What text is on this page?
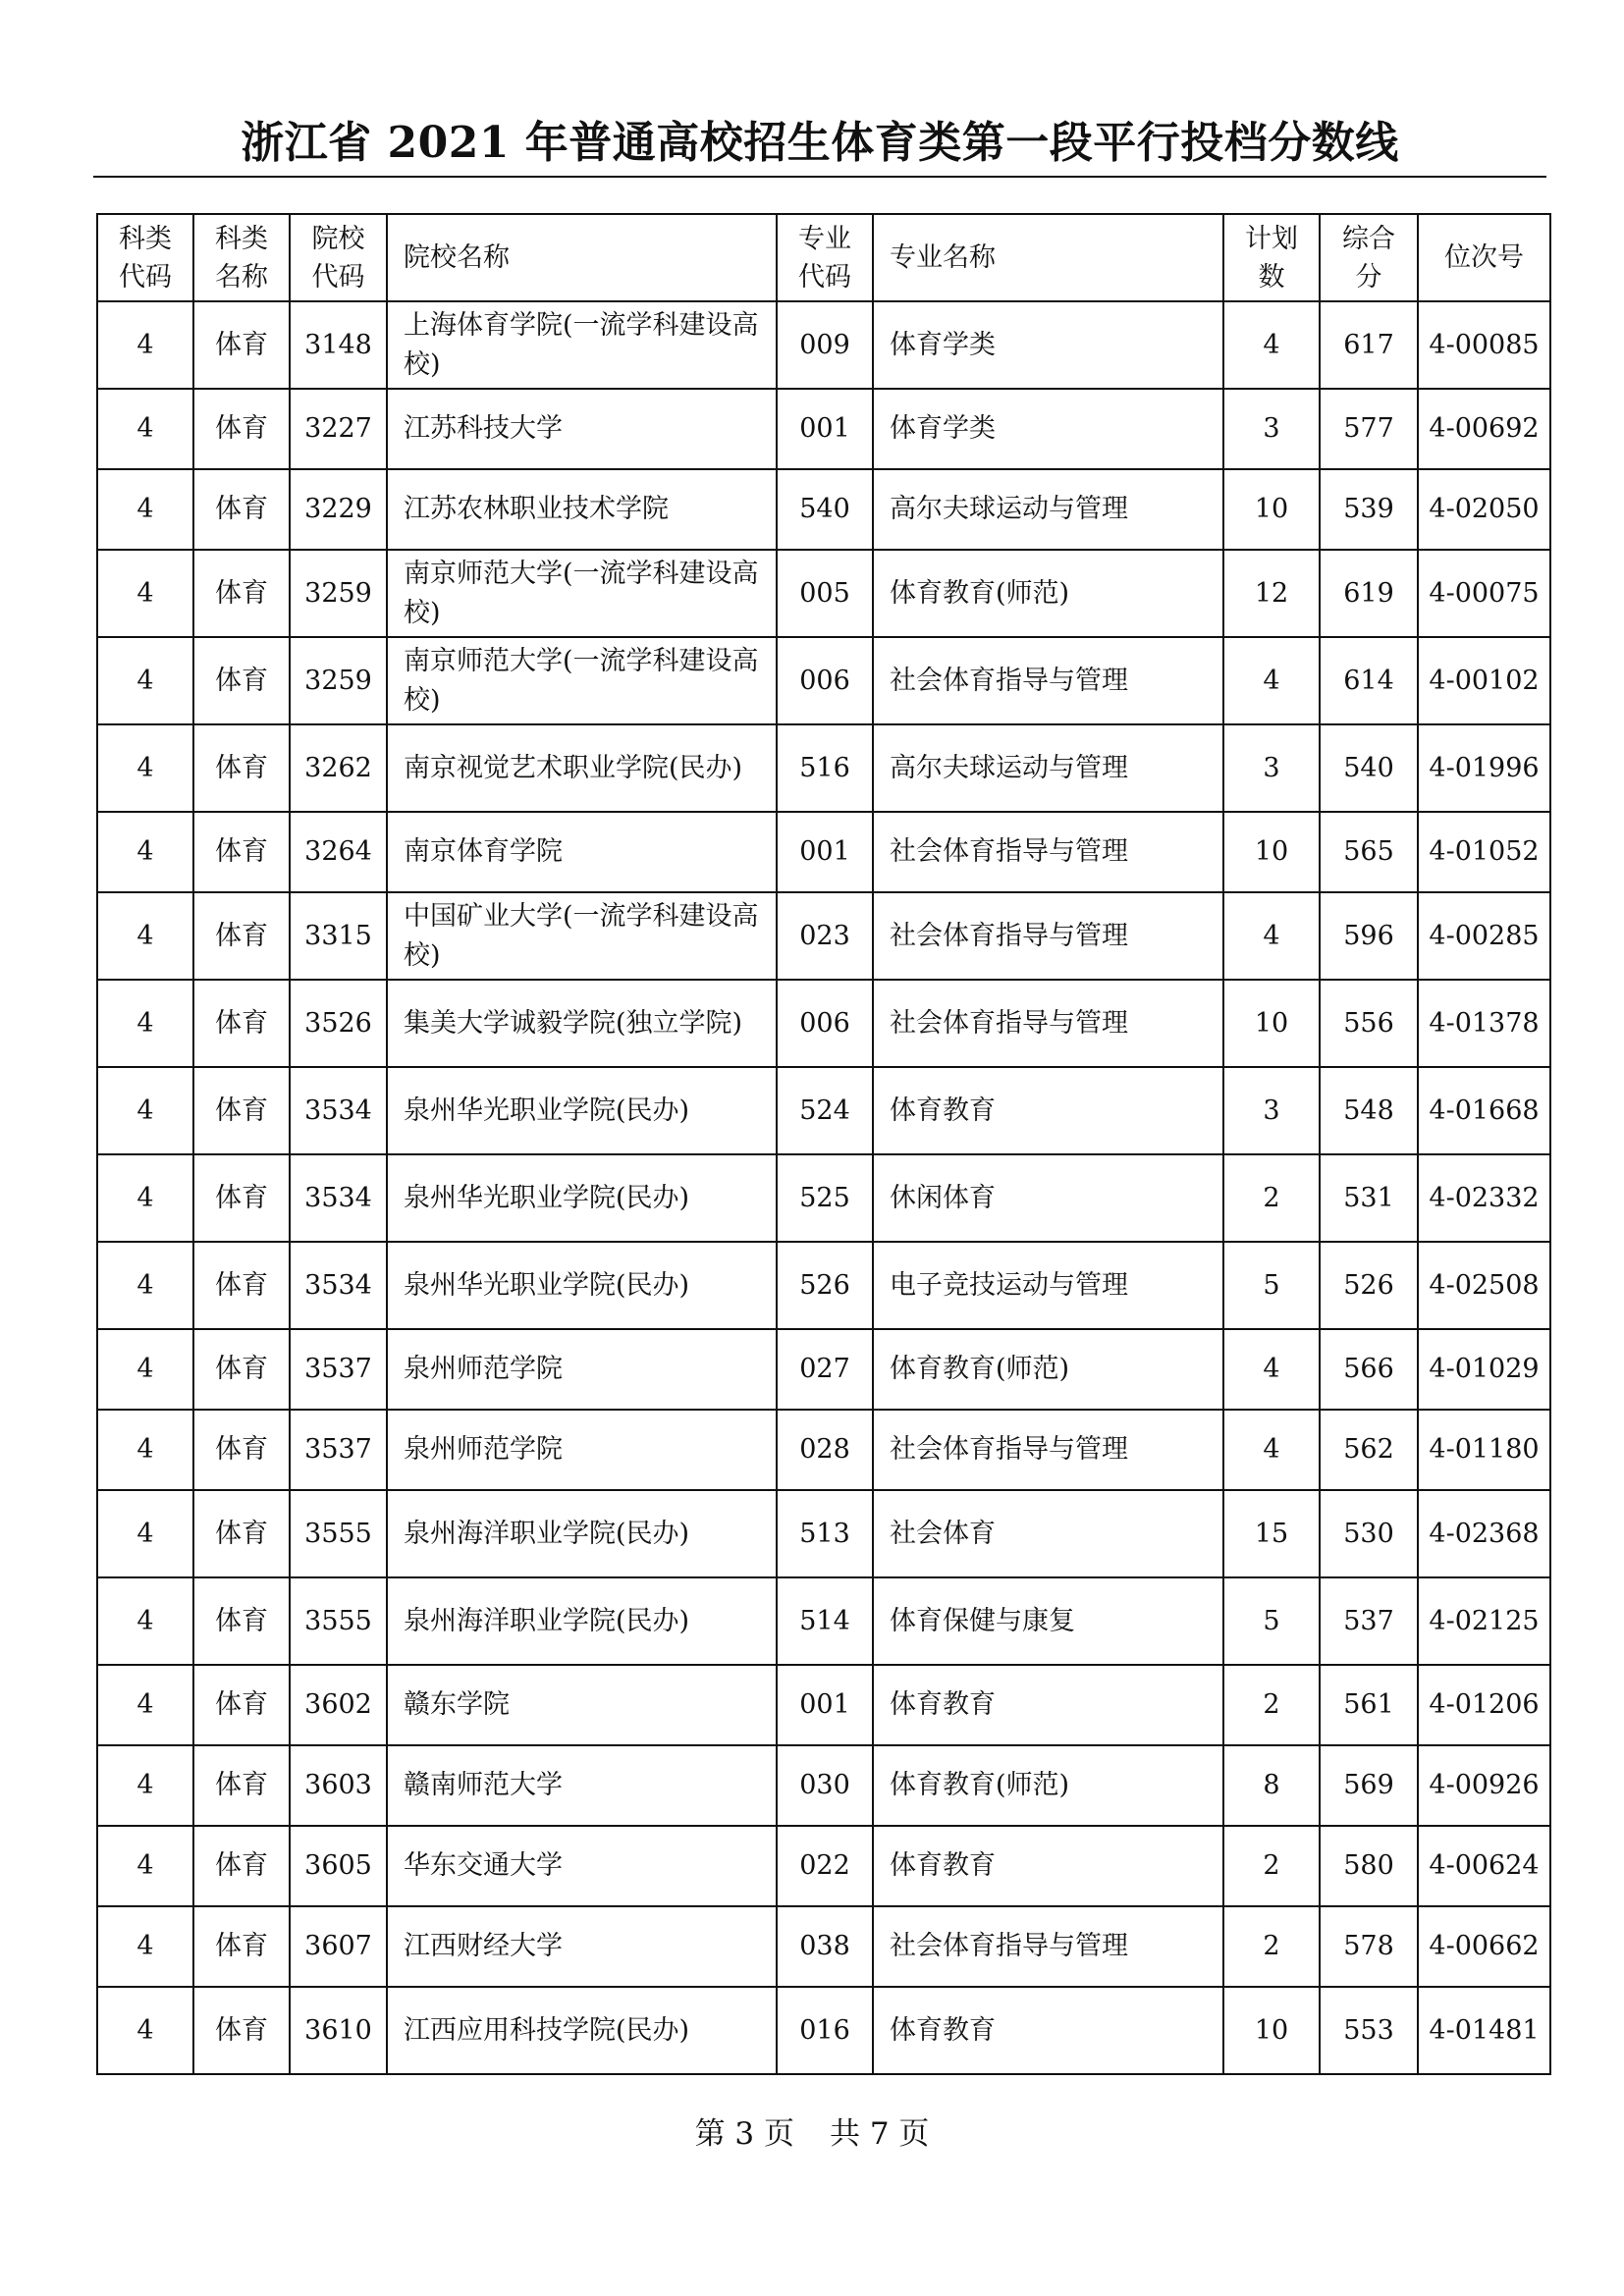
浙江省 2021 年普通高校招生体育类第一段平行投档分数线
科类代码	科类名称	院校代码	院校名称	专业代码	专业名称	计划数	综合分	位次号
4	体育	3148	上海体育学院(一流学科建设高校)	009	体育学类	4	617	4-00085
4	体育	3227	江苏科技大学	001	体育学类	3	577	4-00692
4	体育	3229	江苏农林职业技术学院	540	高尔夫球运动与管理	10	539	4-02050
4	体育	3259	南京师范大学(一流学科建设高校)	005	体育教育(师范)	12	619	4-00075
4	体育	3259	南京师范大学(一流学科建设高校)	006	社会体育指导与管理	4	614	4-00102
4	体育	3262	南京视觉艺术职业学院(民办)	516	高尔夫球运动与管理	3	540	4-01996
4	体育	3264	南京体育学院	001	社会体育指导与管理	10	565	4-01052
4	体育	3315	中国矿业大学(一流学科建设高校)	023	社会体育指导与管理	4	596	4-00285
4	体育	3526	集美大学诚毅学院(独立学院)	006	社会体育指导与管理	10	556	4-01378
4	体育	3534	泉州华光职业学院(民办)	524	体育教育	3	548	4-01668
4	体育	3534	泉州华光职业学院(民办)	525	休闲体育	2	531	4-02332
4	体育	3534	泉州华光职业学院(民办)	526	电子竞技运动与管理	5	526	4-02508
4	体育	3537	泉州师范学院	027	体育教育(师范)	4	566	4-01029
4	体育	3537	泉州师范学院	028	社会体育指导与管理	4	562	4-01180
4	体育	3555	泉州海洋职业学院(民办)	513	社会体育	15	530	4-02368
4	体育	3555	泉州海洋职业学院(民办)	514	体育保健与康复	5	537	4-02125
4	体育	3602	赣东学院	001	体育教育	2	561	4-01206
4	体育	3603	赣南师范大学	030	体育教育(师范)	8	569	4-00926
4	体育	3605	华东交通大学	022	体育教育	2	580	4-00624
4	体育	3607	江西财经大学	038	社会体育指导与管理	2	578	4-00662
4	体育	3610	江西应用科技学院(民办)	016	体育教育	10	553	4-01481
第 3 页 共 7 页
